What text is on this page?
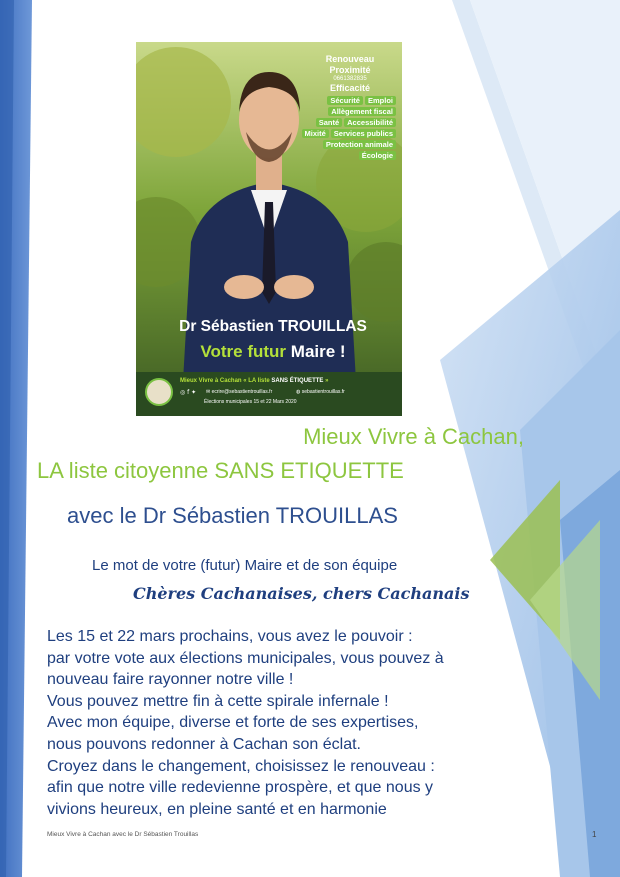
Renouveau
Proximité
0661382835
Efficacité
Sécurité	Emploi
Allègement fiscal
Santé	Accessibilité
Mixité	Services publics
Protection animale
Écologie
Dr Sébastien TROUILLAS
Votre futur Maire !
Mieux Vivre à Cachan « LA liste SANS ÉTIQUETTE »
◎ f ✦ ✉ ecrire@sebastientrouillas.fr	◍ sebastientrouillas.fr
Élections municipales 15 et 22 Mars 2020
Mieux Vivre à Cachan,
LA liste citoyenne SANS ETIQUETTE
avec le Dr Sébastien TROUILLAS
Le mot de votre (futur) Maire et de son équipe
Chères Cachanaises, chers Cachanais

Les 15 et 22 mars prochains, vous avez le pouvoir :

par votre vote aux élections municipales, vous pouvez à

nouveau faire rayonner notre ville !

Vous pouvez mettre fin à cette spirale infernale !

Avec mon équipe, diverse et forte de ses expertises,

nous pouvons redonner à Cachan son éclat.

Croyez dans le changement, choisissez le renouveau :

afin que notre ville redevienne prospère, et que nous y

vivions heureux, en pleine santé et en harmonie

Mieux Vivre à Cachan avec le Dr Sébastien Trouillas	1
